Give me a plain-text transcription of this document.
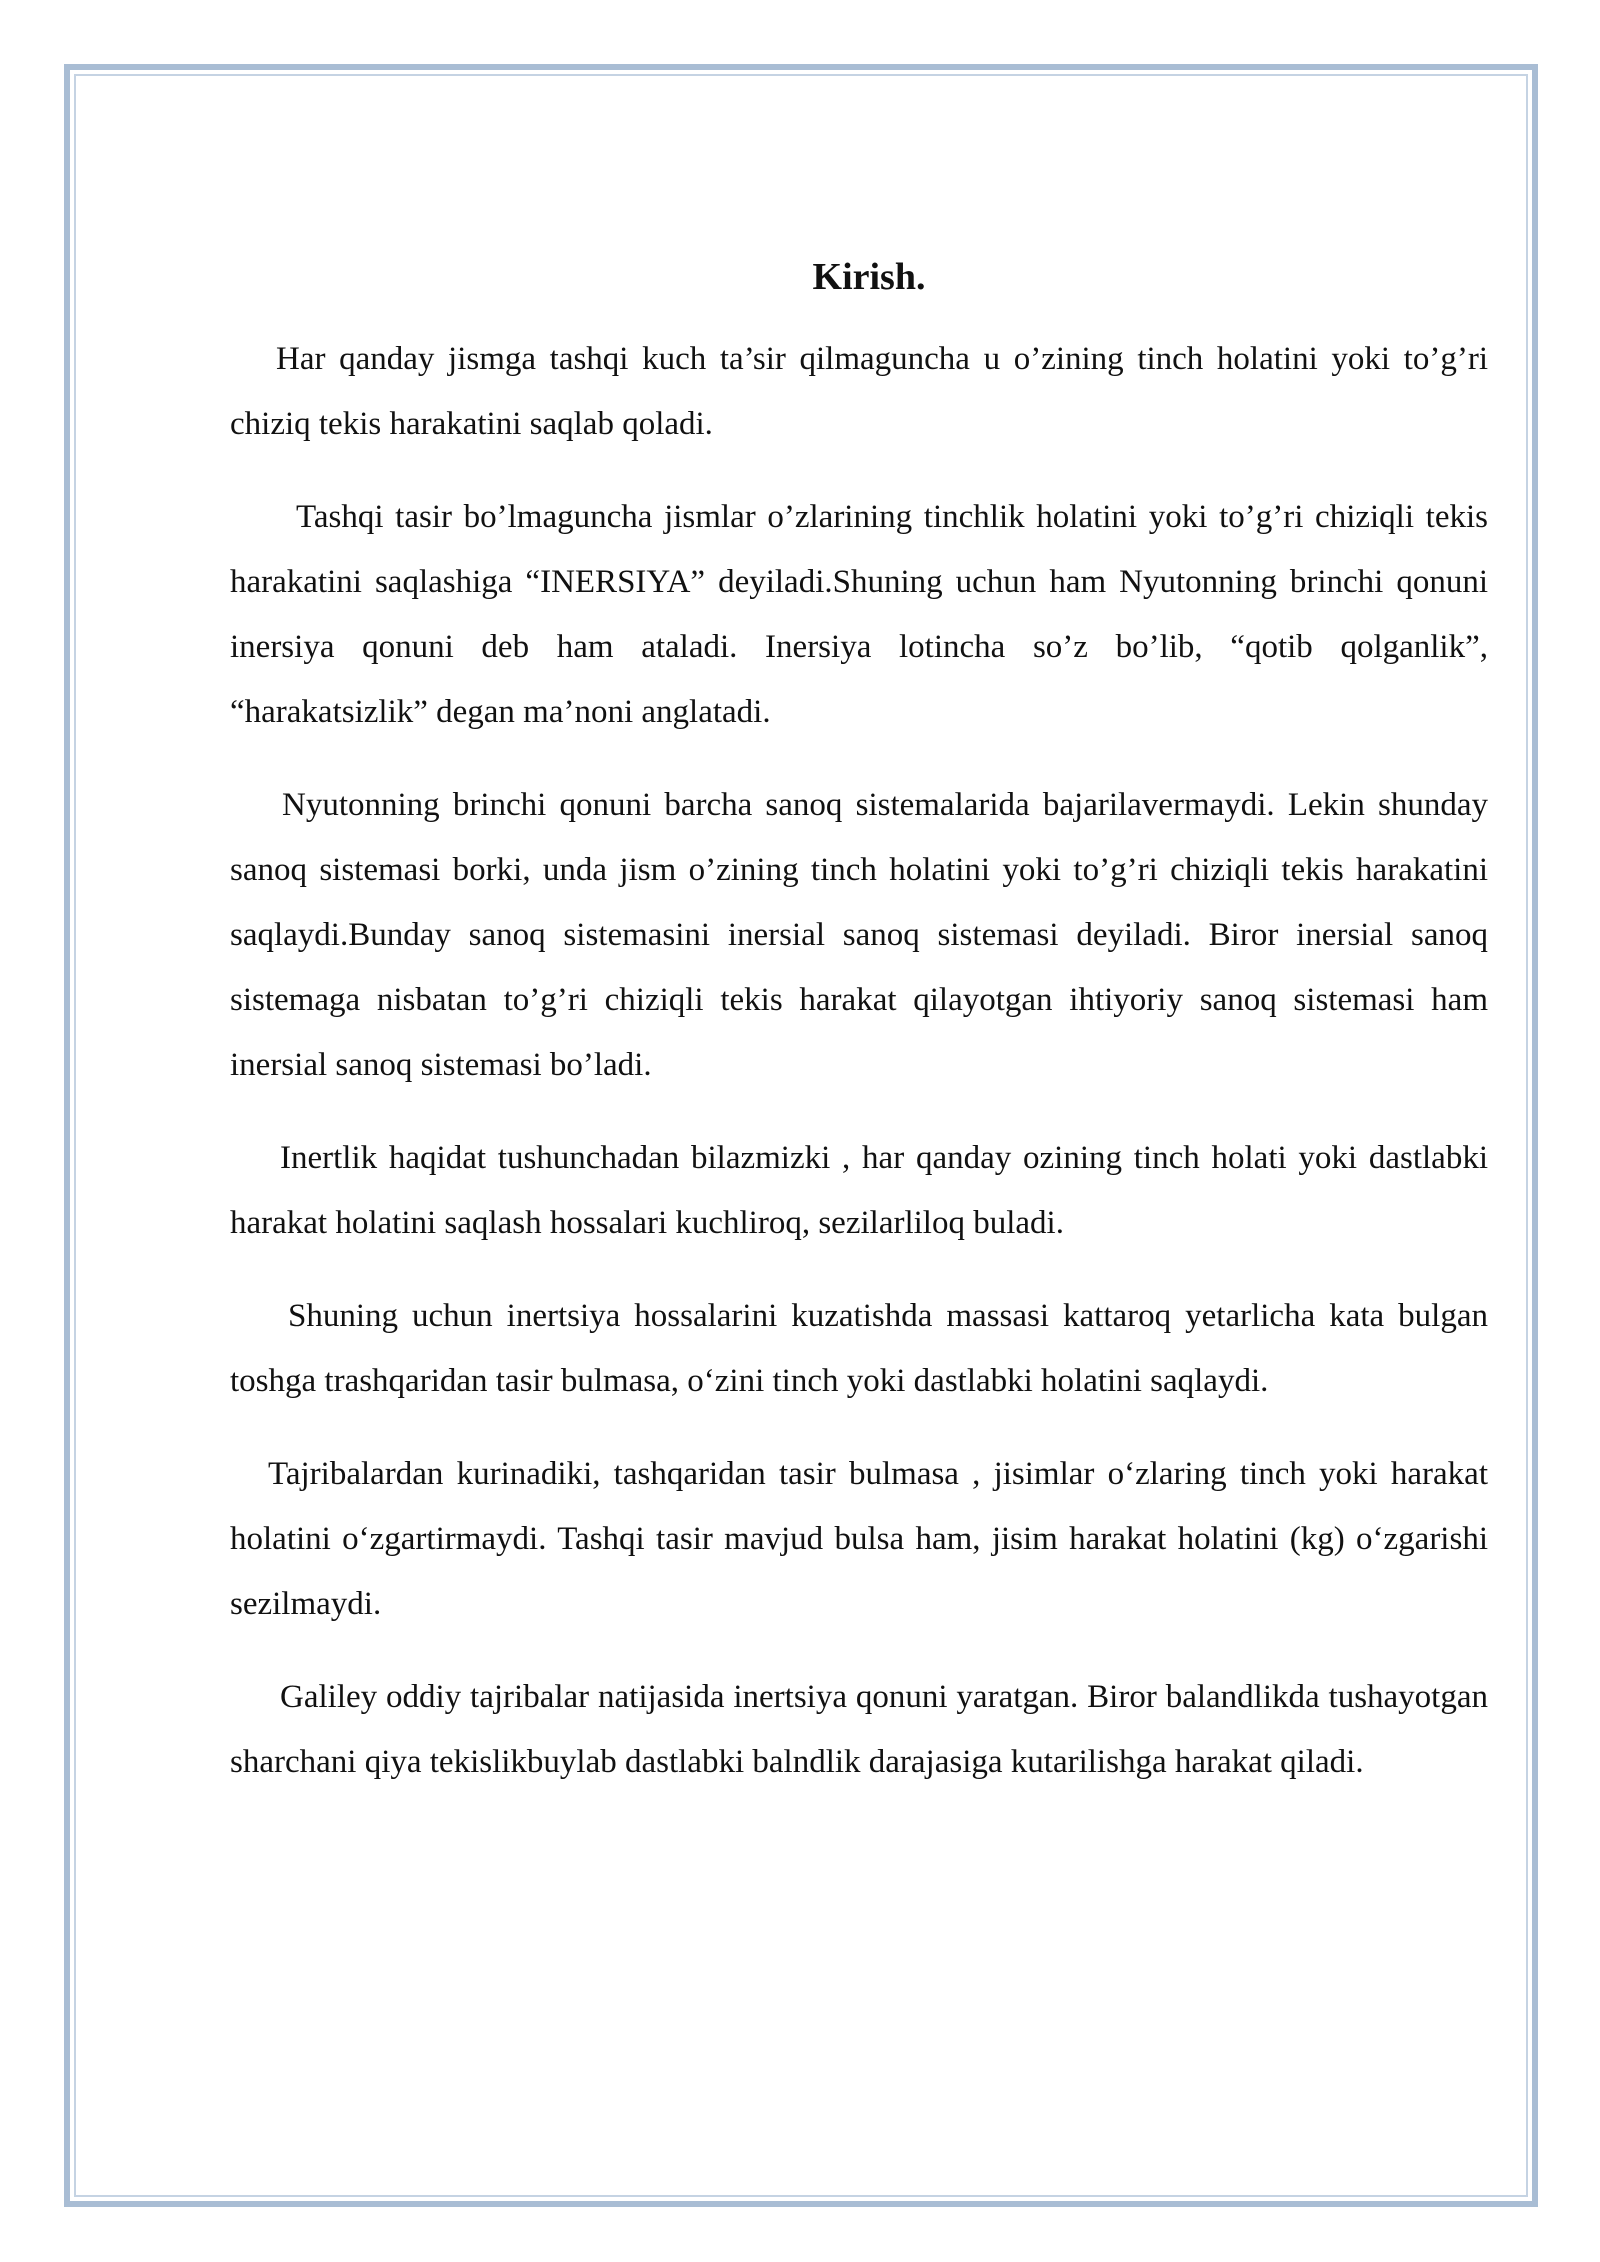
Kirish.

Har qanday jismga tashqi kuch ta’sir qilmaguncha u o’zining tinch holatini yoki to’g’ri chiziq tekis harakatini saqlab qoladi.

Tashqi tasir bo’lmaguncha jismlar o’zlarining tinchlik holatini yoki to’g’ri chiziqli tekis harakatini saqlashiga “INERSIYA” deyiladi.Shuning uchun ham Nyutonning brinchi qonuni inersiya qonuni deb ham ataladi. Inersiya lotincha so’z bo’lib, “qotib qolganlik”, “harakatsizlik” degan ma’noni anglatadi.

Nyutonning brinchi qonuni barcha sanoq sistemalarida bajarilavermaydi. Lekin shunday sanoq sistemasi borki, unda jism o’zining tinch holatini yoki to’g’ri chiziqli tekis harakatini saqlaydi.Bunday sanoq sistemasini inersial sanoq sistemasi deyiladi. Biror inersial sanoq sistemaga nisbatan to’g’ri chiziqli tekis harakat qilayotgan ihtiyoriy sanoq sistemasi ham inersial sanoq sistemasi bo’ladi.

Inertlik haqidat tushunchadan bilazmizki , har qanday ozining tinch holati yoki dastlabki harakat holatini saqlash hossalari kuchliroq, sezilarliloq buladi.

Shuning uchun inertsiya hossalarini kuzatishda massasi kattaroq yetarlicha kata bulgan toshga trashqaridan tasir bulmasa, o‘zini tinch yoki dastlabki holatini saqlaydi.

Tajribalardan kurinadiki, tashqaridan tasir bulmasa , jisimlar o‘zlaring tinch yoki harakat holatini o‘zgartirmaydi. Tashqi tasir mavjud bulsa ham, jisim harakat holatini (kg) o‘zgarishi sezilmaydi.

Galiley oddiy tajribalar natijasida inertsiya qonuni yaratgan. Biror balandlikda tushayotgan sharchani qiya tekislikbuylab dastlabki balndlik darajasiga kutarilishga harakat qiladi.
